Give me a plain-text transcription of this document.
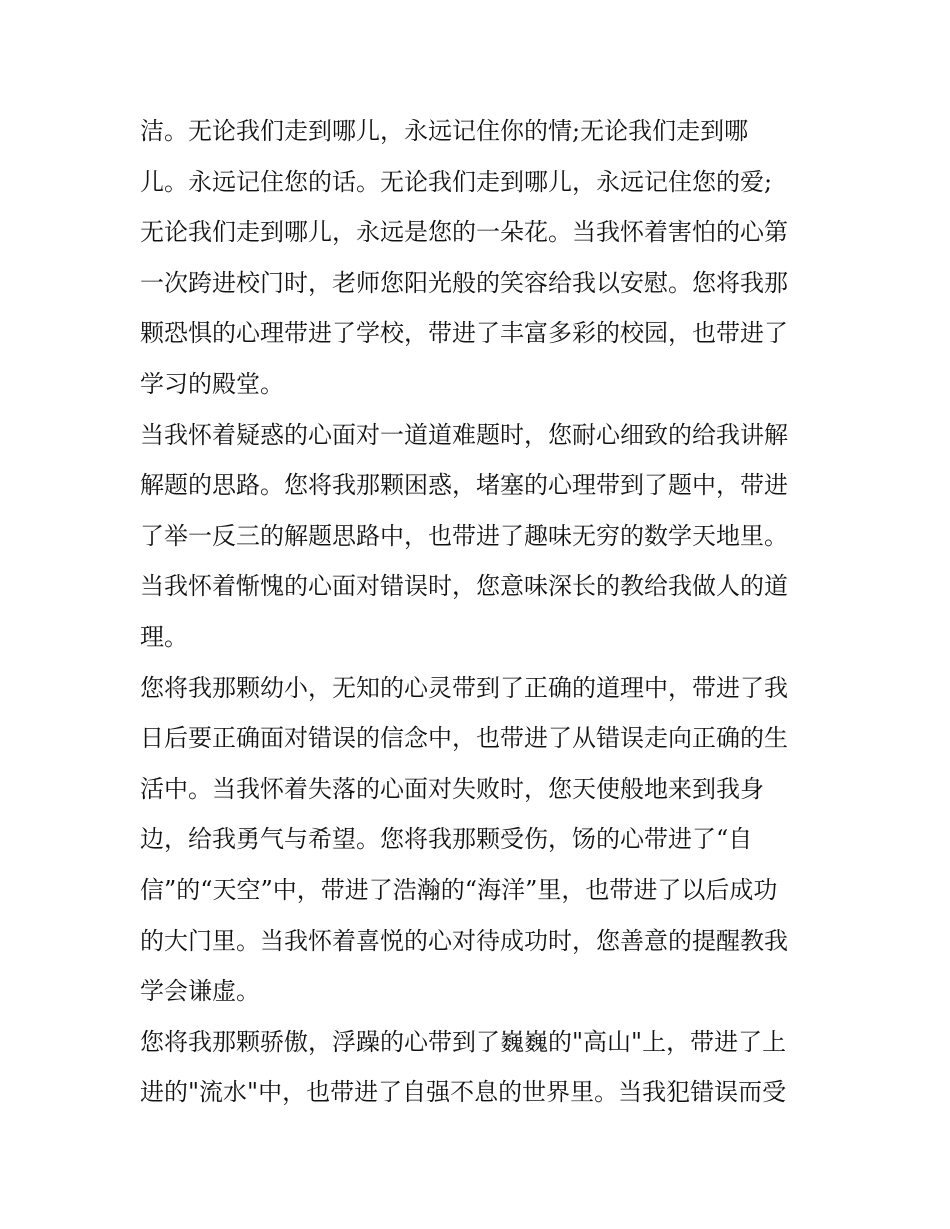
洁。无论我们走到哪儿，永远记住你的情;无论我们走到哪
儿。永远记住您的话。无论我们走到哪儿，永远记住您的爱;
无论我们走到哪儿，永远是您的一朵花。当我怀着害怕的心第
一次跨进校门时，老师您阳光般的笑容给我以安慰。您将我那
颗恐惧的心理带进了学校，带进了丰富多彩的校园，也带进了
学习的殿堂。
当我怀着疑惑的心面对一道道难题时，您耐心细致的给我讲解
解题的思路。您将我那颗困惑，堵塞的心理带到了题中，带进
了举一反三的解题思路中，也带进了趣味无穷的数学天地里。
当我怀着惭愧的心面对错误时，您意味深长的教给我做人的道
理。
您将我那颗幼小，无知的心灵带到了正确的道理中，带进了我
日后要正确面对错误的信念中，也带进了从错误走向正确的生
活中。当我怀着失落的心面对失败时，您天使般地来到我身
边，给我勇气与希望。您将我那颗受伤，饧的心带进了“自
信”的“天空”中，带进了浩瀚的“海洋”里，也带进了以后成功
的大门里。当我怀着喜悦的心对待成功时，您善意的提醒教我
学会谦虚。
您将我那颗骄傲，浮躁的心带到了巍巍的"高山"上，带进了上
进的"流水"中，也带进了自强不息的世界里。当我犯错误而受
